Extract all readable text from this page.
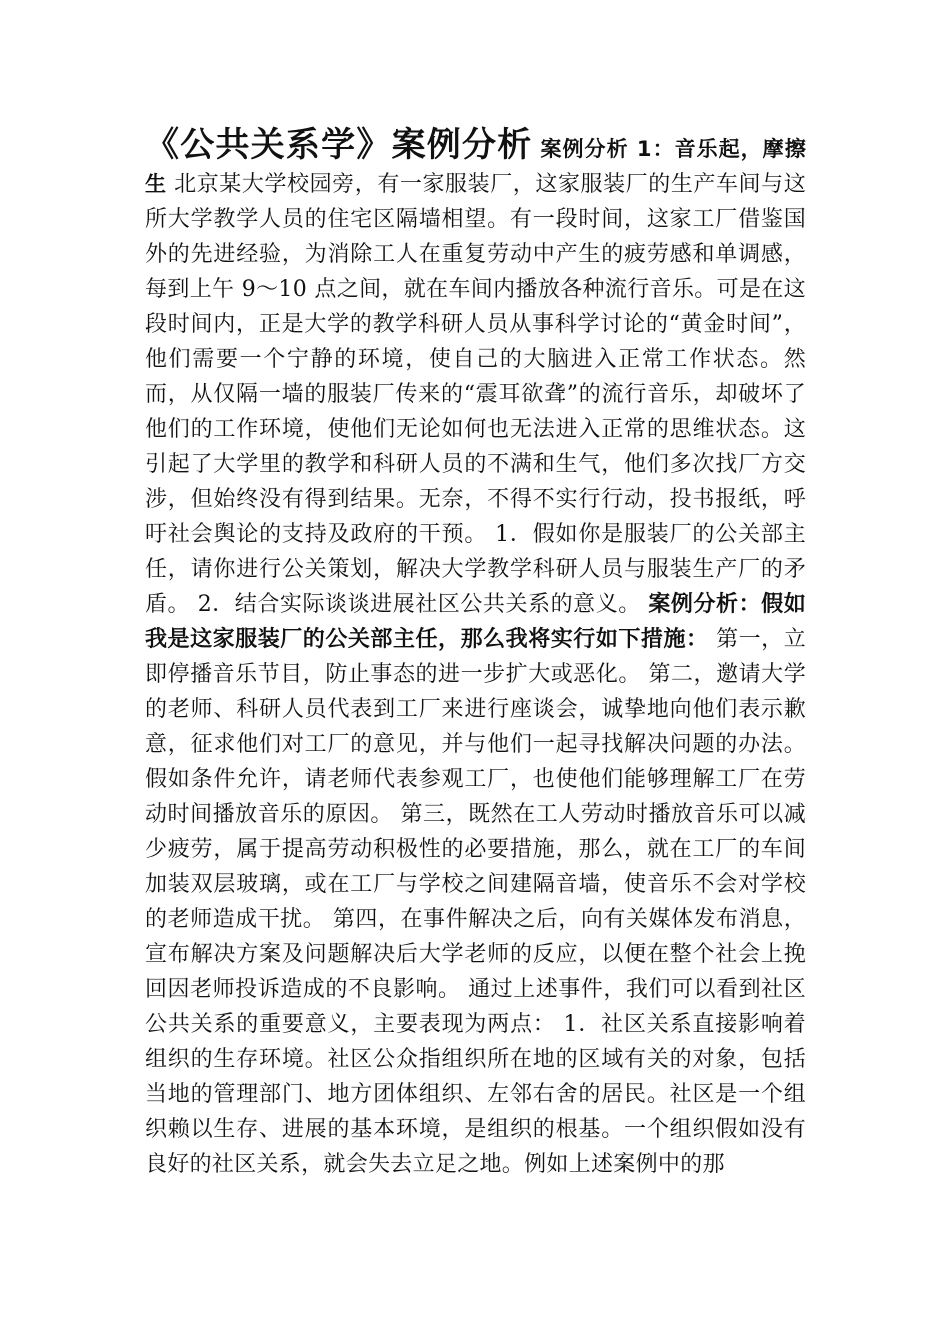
《公共关系学》案例分析 案例分析 1：音乐起，摩擦生 北京某大学校园旁，有一家服装厂，这家服装厂的生产车间与这所大学教学人员的住宅区隔墙相望。有一段时间，这家工厂借鉴国外的先进经验，为消除工人在重复劳动中产生的疲劳感和单调感，每到上午 9～10 点之间，就在车间内播放各种流行音乐。可是在这段时间内，正是大学的教学科研人员从事科学讨论的“黄金时间”，他们需要一个宁静的环境，使自己的大脑进入正常工作状态。然而，从仅隔一墙的服装厂传来的“震耳欲聋”的流行音乐，却破坏了他们的工作环境，使他们无论如何也无法进入正常的思维状态。这引起了大学里的教学和科研人员的不满和生气，他们多次找厂方交涉，但始终没有得到结果。无奈，不得不实行行动，投书报纸，呼吁社会舆论的支持及政府的干预。 1．假如你是服装厂的公关部主任，请你进行公关策划，解决大学教学科研人员与服装生产厂的矛盾。 2．结合实际谈谈进展社区公共关系的意义。 案例分析：假如我是这家服装厂的公关部主任，那么我将实行如下措施： 第一，立即停播音乐节目，防止事态的进一步扩大或恶化。 第二，邀请大学的老师、科研人员代表到工厂来进行座谈会，诚挚地向他们表示歉意，征求他们对工厂的意见，并与他们一起寻找解决问题的办法。假如条件允许，请老师代表参观工厂，也使他们能够理解工厂在劳动时间播放音乐的原因。 第三，既然在工人劳动时播放音乐可以减少疲劳，属于提高劳动积极性的必要措施，那么，就在工厂的车间加装双层玻璃，或在工厂与学校之间建隔音墙，使音乐不会对学校的老师造成干扰。 第四，在事件解决之后，向有关媒体发布消息，宣布解决方案及问题解决后大学老师的反应，以便在整个社会上挽回因老师投诉造成的不良影响。 通过上述事件，我们可以看到社区公共关系的重要意义，主要表现为两点： 1．社区关系直接影响着组织的生存环境。社区公众指组织所在地的区域有关的对象，包括当地的管理部门、地方团体组织、左邻右舍的居民。社区是一个组织赖以生存、进展的基本环境，是组织的根基。一个组织假如没有良好的社区关系，就会失去立足之地。例如上述案例中的那
